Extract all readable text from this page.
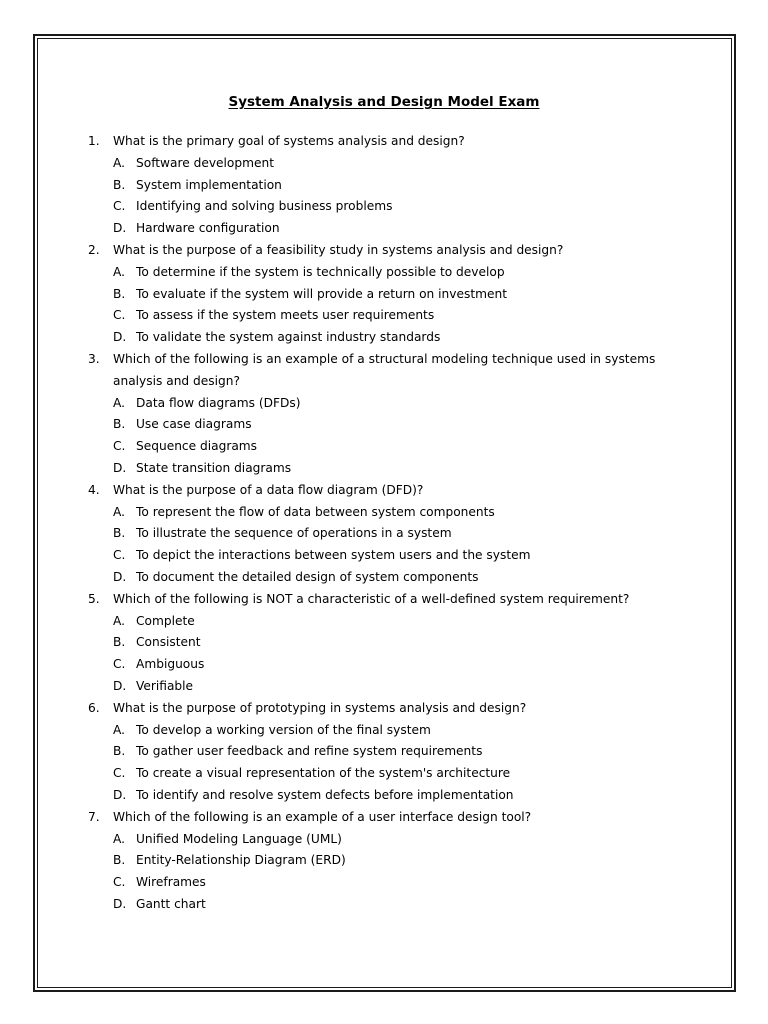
System Analysis and Design Model Exam
1. What is the primary goal of systems analysis and design?
A. Software development
B. System implementation
C. Identifying and solving business problems
D. Hardware configuration
2. What is the purpose of a feasibility study in systems analysis and design?
A. To determine if the system is technically possible to develop
B. To evaluate if the system will provide a return on investment
C. To assess if the system meets user requirements
D. To validate the system against industry standards
3. Which of the following is an example of a structural modeling technique used in systems analysis and design?
A. Data flow diagrams (DFDs)
B. Use case diagrams
C. Sequence diagrams
D. State transition diagrams
4. What is the purpose of a data flow diagram (DFD)?
A. To represent the flow of data between system components
B. To illustrate the sequence of operations in a system
C. To depict the interactions between system users and the system
D. To document the detailed design of system components
5. Which of the following is NOT a characteristic of a well-defined system requirement?
A. Complete
B. Consistent
C. Ambiguous
D. Verifiable
6. What is the purpose of prototyping in systems analysis and design?
A. To develop a working version of the final system
B. To gather user feedback and refine system requirements
C. To create a visual representation of the system's architecture
D. To identify and resolve system defects before implementation
7. Which of the following is an example of a user interface design tool?
A. Unified Modeling Language (UML)
B. Entity-Relationship Diagram (ERD)
C. Wireframes
D. Gantt chart
